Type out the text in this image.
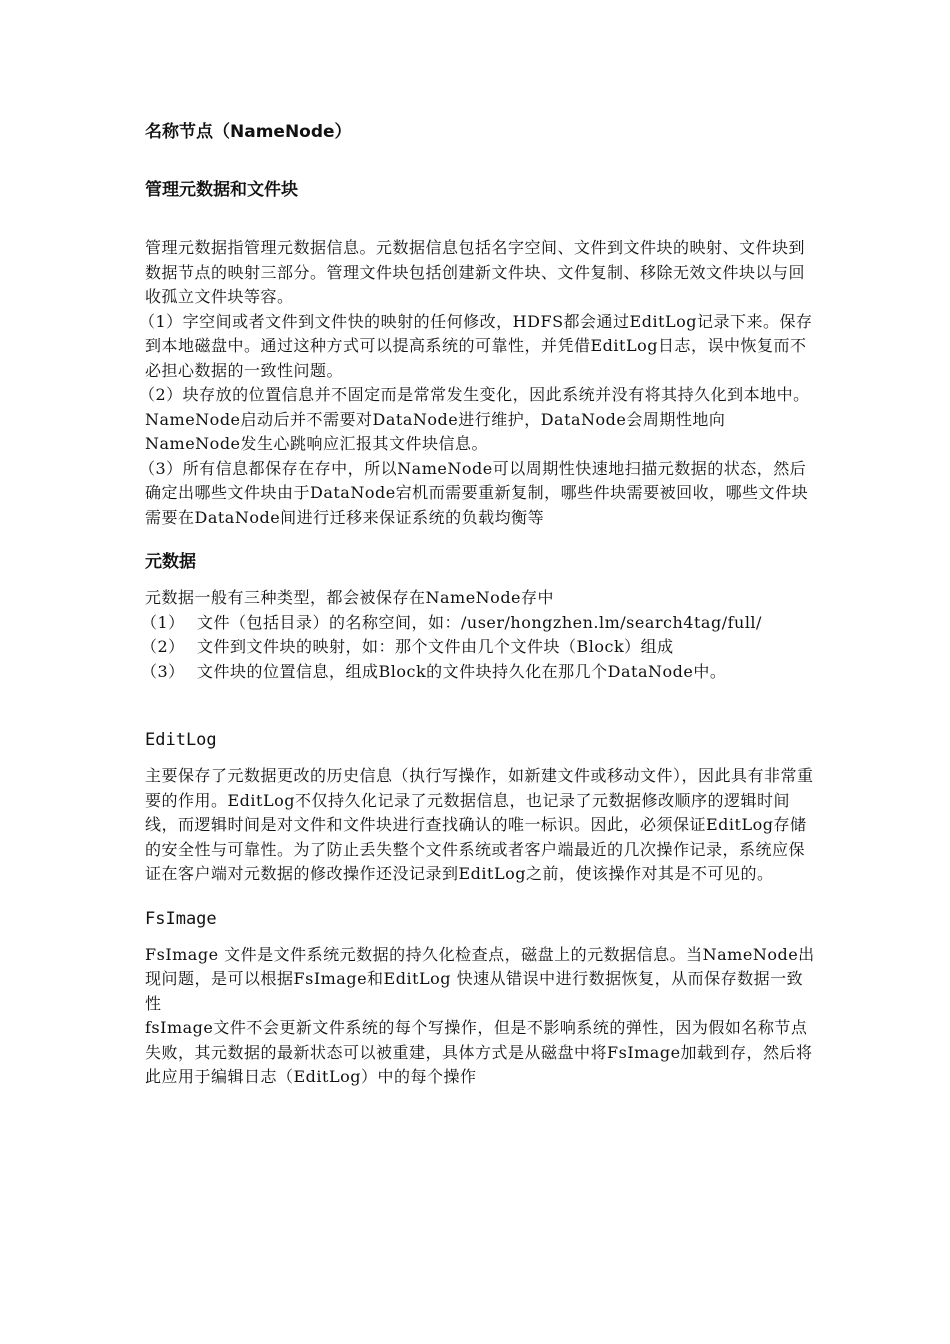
名称节点（NameNode）
管理元数据和文件块

管理元数据指管理元数据信息。元数据信息包括名字空间、文件到文件块的映射、文件块到数据节点的映射三部分。管理文件块包括创建新文件块、文件复制、移除无效文件块以与回收孤立文件块等容。

（1）字空间或者文件到文件快的映射的任何修改，HDFS都会通过EditLog记录下来。保存到本地磁盘中。通过这种方式可以提高系统的可靠性，并凭借EditLog日志，误中恢复而不必担心数据的一致性问题。

（2）块存放的位置信息并不固定而是常常发生变化，因此系统并没有将其持久化到本地中。NameNode启动后并不需要对DataNode进行维护，DataNode会周期性地向NameNode发生心跳响应汇报其文件块信息。

（3）所有信息都保存在存中，所以NameNode可以周期性快速地扫描元数据的状态，然后确定出哪些文件块由于DataNode宕机而需要重新复制，哪些件块需要被回收，哪些文件块需要在DataNode间进行迁移来保证系统的负载均衡等

元数据

元数据一般有三种类型，都会被保存在NameNode存中

（1） 文件（包括目录）的名称空间，如：/user/hongzhen.lm/search4tag/full/
（2） 文件到文件块的映射，如：那个文件由几个文件块（Block）组成
（3） 文件块的位置信息，组成Block的文件块持久化在那几个DataNode中。
EditLog

主要保存了元数据更改的历史信息（执行写操作，如新建文件或移动文件），因此具有非常重要的作用。EditLog不仅持久化记录了元数据信息，也记录了元数据修改顺序的逻辑时间线，而逻辑时间是对文件和文件块进行查找确认的唯一标识。因此，必须保证EditLog存储的安全性与可靠性。为了防止丢失整个文件系统或者客户端最近的几次操作记录，系统应保证在客户端对元数据的修改操作还没记录到EditLog之前，使该操作对其是不可见的。

FsImage

FsImage 文件是文件系统元数据的持久化检查点，磁盘上的元数据信息。当NameNode出现问题，是可以根据FsImage和EditLog 快速从错误中进行数据恢复，从而保存数据一致性

fsImage文件不会更新文件系统的每个写操作，但是不影响系统的弹性，因为假如名称节点失败，其元数据的最新状态可以被重建，具体方式是从磁盘中将FsImage加载到存，然后将此应用于编辑日志（EditLog）中的每个操作
